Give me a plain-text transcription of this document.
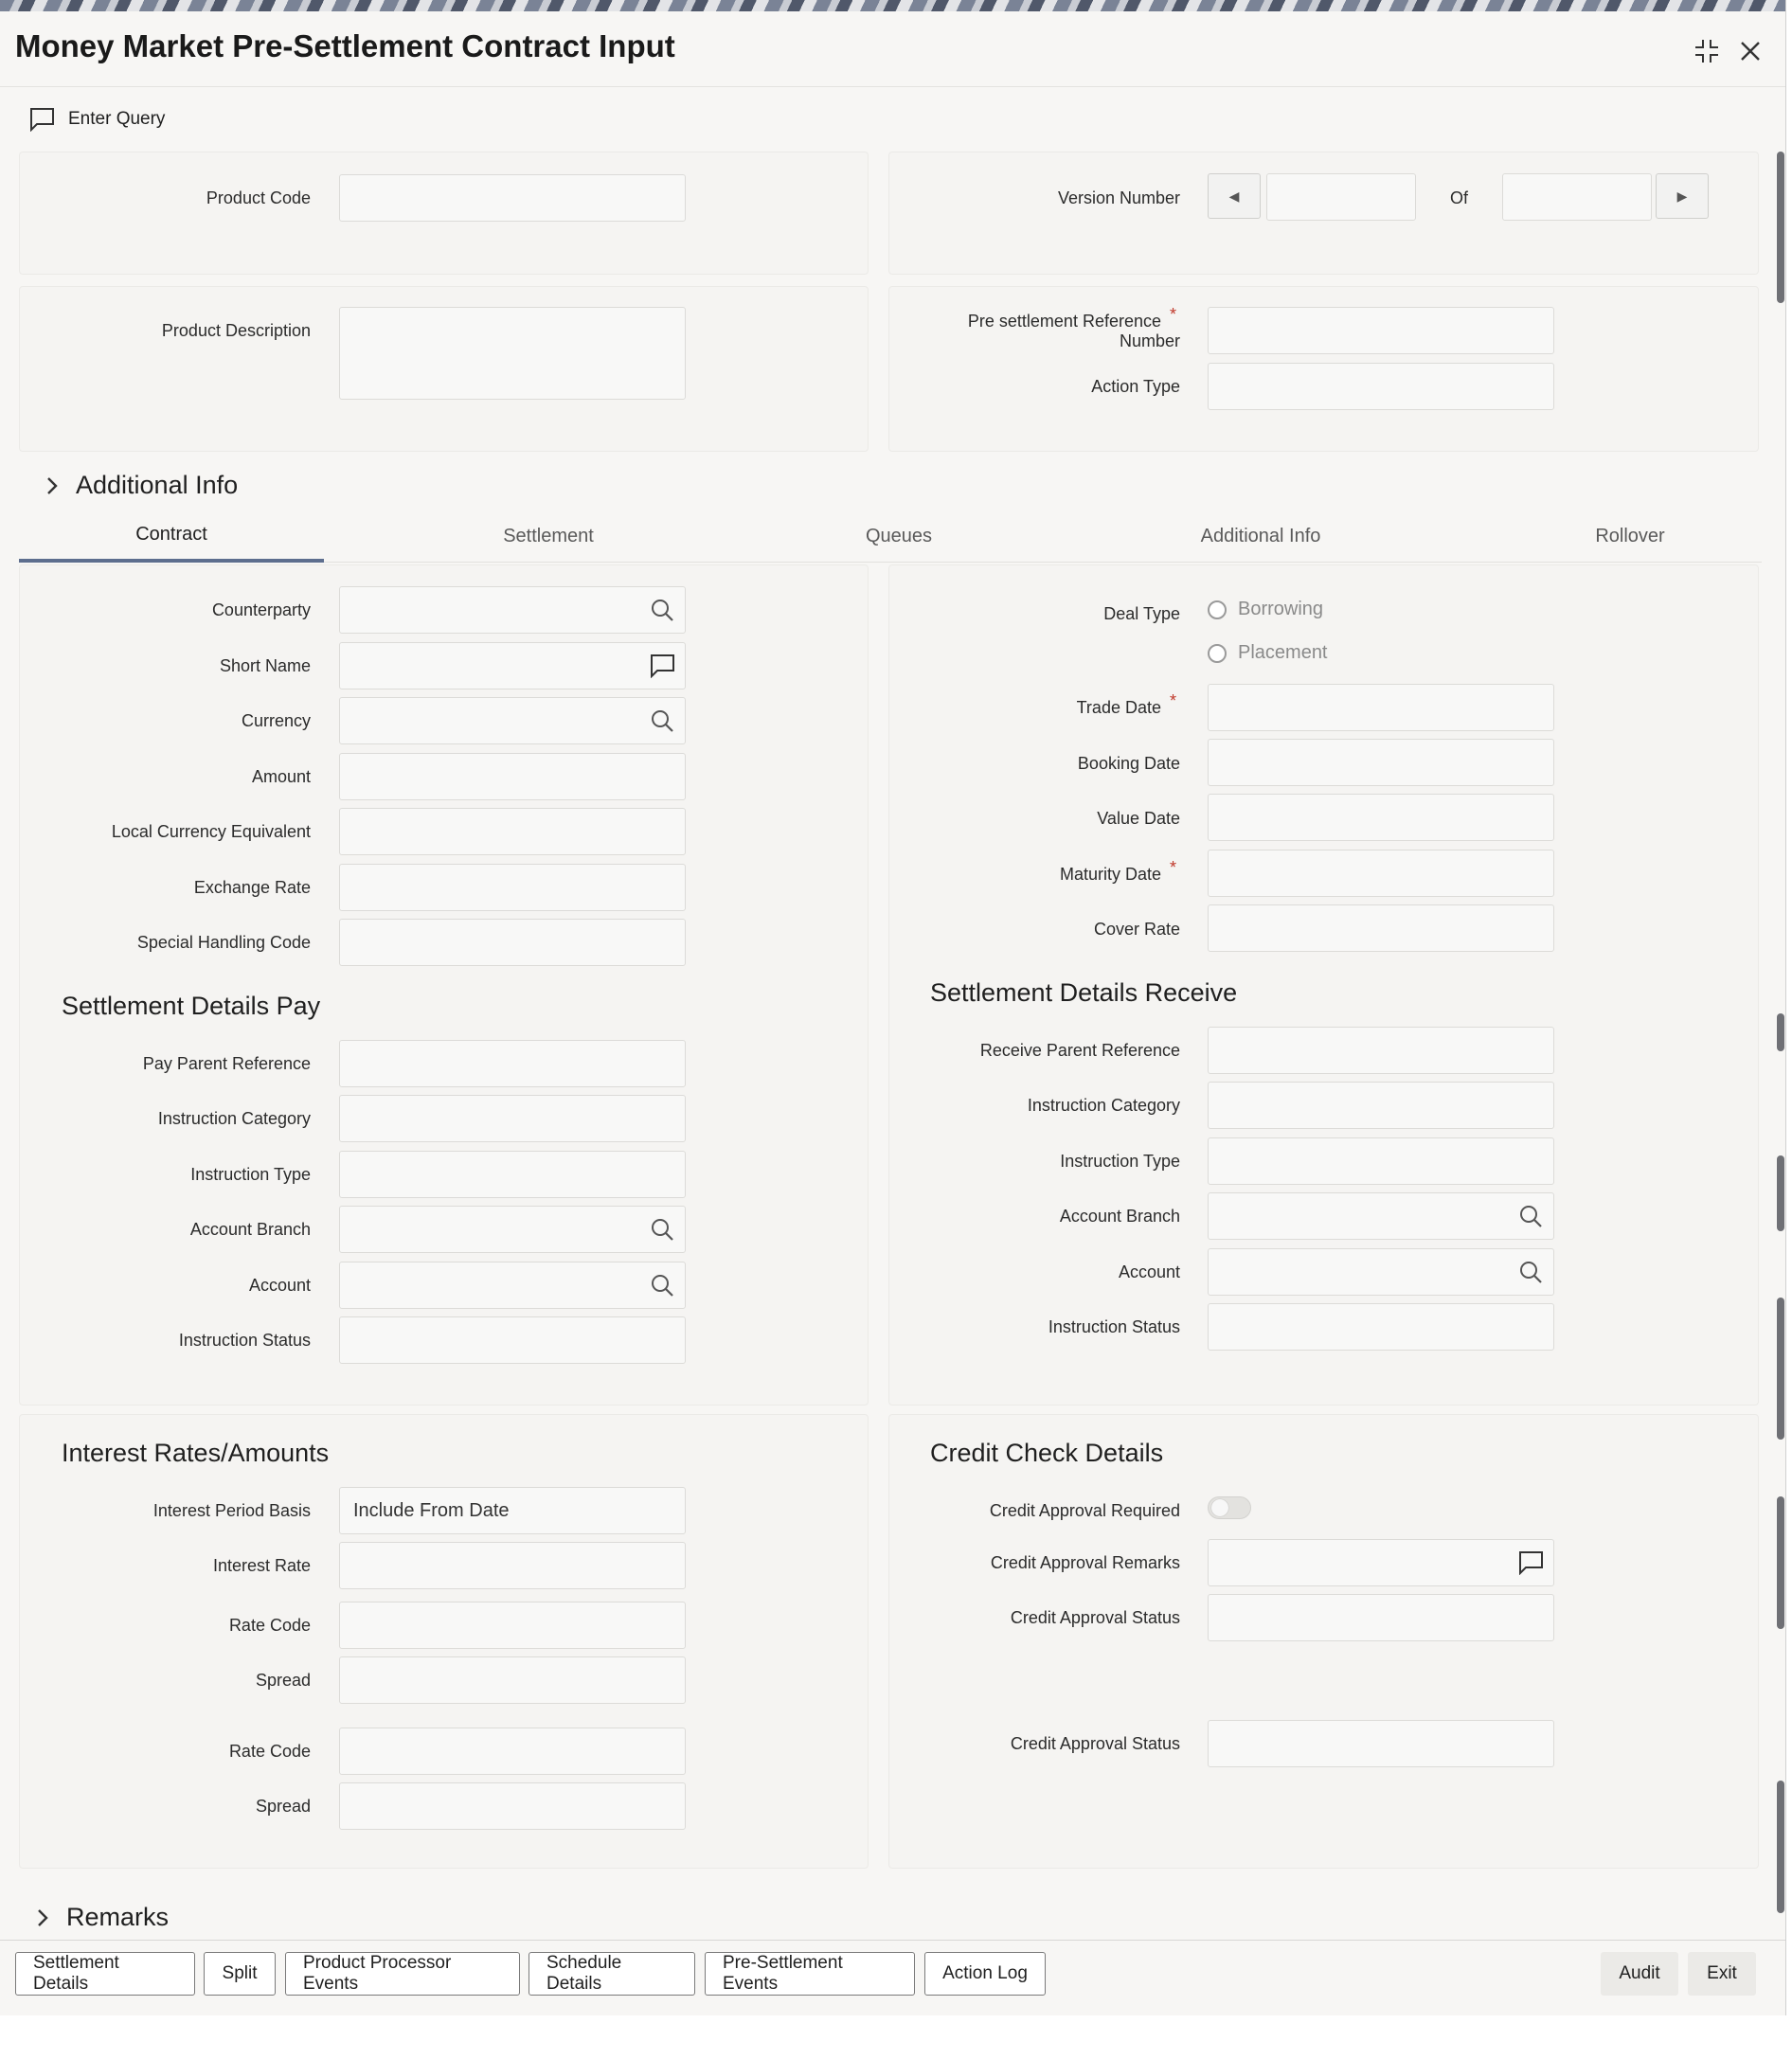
Money Market Pre-Settlement Contract Input
Enter Query
Product Code	Version Number	◀	Of	▶
Product Description	Pre settlement Reference *
Number
Action Type
Additional Info
Contract	Settlement	Queues	Additional Info	Rollover
Counterparty
Short Name
Currency
Amount
Local Currency Equivalent
Exchange Rate
Special Handling Code
Deal Type	Borrowing
Placement
Trade Date *
Booking Date
Value Date
Maturity Date *
Cover Rate
Settlement Details Pay
Pay Parent Reference
Instruction Category
Instruction Type
Account Branch
Account
Instruction Status
Settlement Details Receive
Receive Parent Reference
Instruction Category
Instruction Type
Account Branch
Account
Instruction Status
Interest Rates/Amounts
Interest Period Basis	Include From Date
Interest Rate
Rate Code
Spread
Rate Code
Spread
Credit Check Details
Credit Approval Required
Credit Approval Remarks
Credit Approval Status
Credit Approval Status
Remarks
Settlement Details
Split
Product Processor Events
Schedule Details
Pre-Settlement Events
Action Log	Audit	Exit
